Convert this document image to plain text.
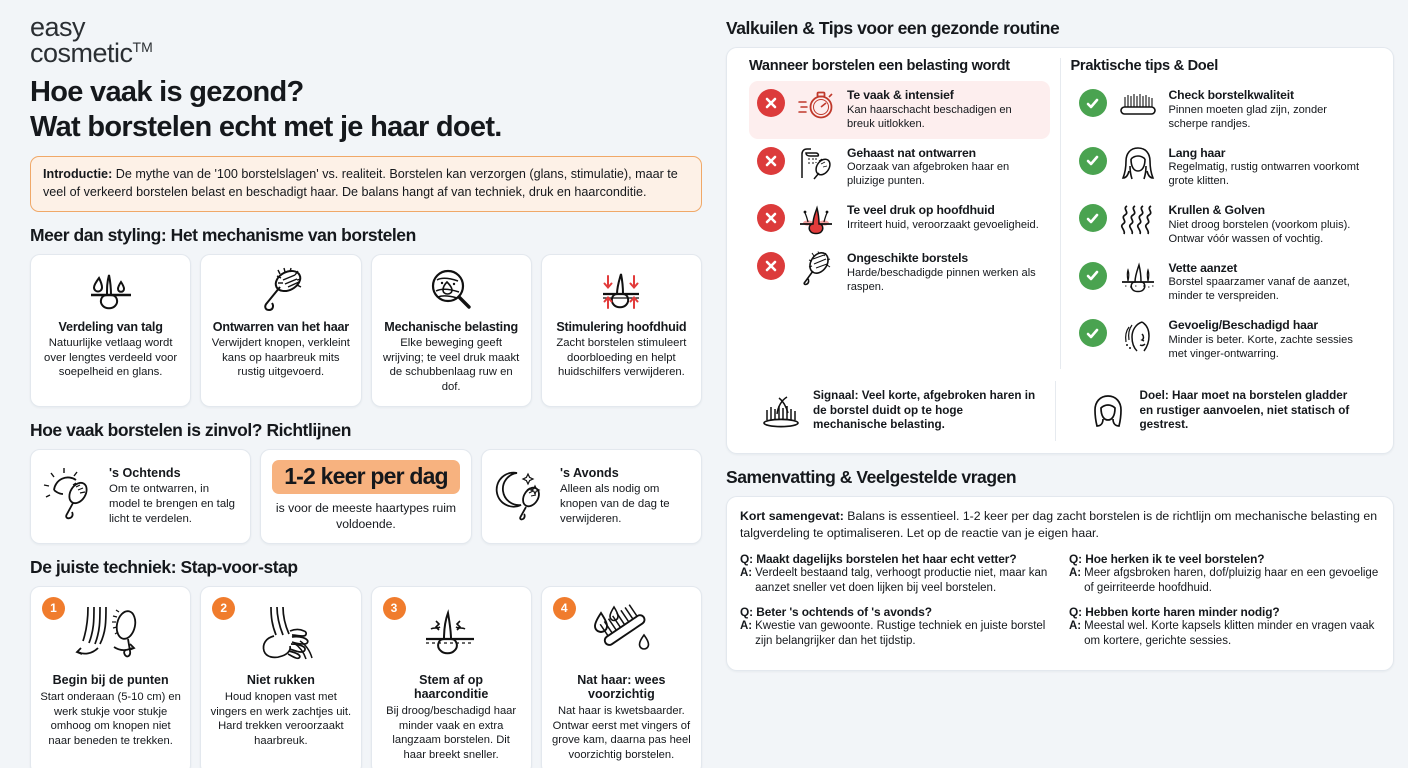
easy
cosmetic™
Hoe vaak is gezond?
Wat borstelen echt met je haar doet.
Introductie: De mythe van de '100 borstelslagen' vs. realiteit. Borstelen kan verzorgen (glans, stimulatie), maar te veel of verkeerd borstelen belast en beschadigt haar. De balans hangt af van techniek, druk en haarconditie.
Meer dan styling: Het mechanisme van borstelen
Verdeling van talg
Natuurlijke vetlaag wordt over lengtes verdeeld voor soepelheid en glans.
Ontwarren van het haar
Verwijdert knopen, verkleint kans op haarbreuk mits rustig uitgevoerd.
Mechanische belasting
Elke beweging geeft wrijving; te veel druk maakt de schubbenlaag ruw en dof.
Stimulering hoofdhuid
Zacht borstelen stimuleert doorbloeding en helpt huidschilfers verwijderen.
Hoe vaak borstelen is zinvol? Richtlijnen
's Ochtends
Om te ontwarren, in model te brengen en talg licht te verdelen.
1-2 keer per dag
is voor de meeste haartypes ruim voldoende.
's Avonds
Alleen als nodig om knopen van de dag te verwijderen.
De juiste techniek: Stap-voor-stap
1
Begin bij de punten
Start onderaan (5-10 cm) en werk stukje voor stukje omhoog om knopen niet naar beneden te trekken.
2
Niet rukken
Houd knopen vast met vingers en werk zachtjes uit. Hard trekken veroorzaakt haarbreuk.
3
Stem af op haarconditie
Bij droog/beschadigd haar minder vaak en extra langzaam borstelen. Dit haar breekt sneller.
4
Nat haar: wees voorzichtig
Nat haar is kwetsbaarder. Ontwar eerst met vingers of grove kam, daarna pas heel voorzichtig borstelen.
Valkuilen & Tips voor een gezonde routine
Wanneer borstelen een belasting wordt
Te vaak & intensief
Kan haarschacht beschadigen en breuk uitlokken.
Gehaast nat ontwarren
Oorzaak van afgebroken haar en pluizige punten.
Te veel druk op hoofdhuid
Irriteert huid, veroorzaakt gevoeligheid.
Ongeschikte borstels
Harde/beschadigde pinnen werken als raspen.
Praktische tips & Doel
Check borstelkwaliteit
Pinnen moeten glad zijn, zonder scherpe randjes.
Lang haar
Regelmatig, rustig ontwarren voorkomt grote klitten.
Krullen & Golven
Niet droog borstelen (voorkom pluis). Ontwar vóór wassen of vochtig.
Vette aanzet
Borstel spaarzamer vanaf de aanzet, minder te verspreiden.
Gevoelig/Beschadigd haar
Minder is beter. Korte, zachte sessies met vinger-ontwarring.
Signaal: Veel korte, afgebroken haren in de borstel duidt op te hoge mechanische belasting.
Doel: Haar moet na borstelen gladder en rustiger aanvoelen, niet statisch of gestrest.
Samenvatting & Veelgestelde vragen
Kort samengevat: Balans is essentieel. 1-2 keer per dag zacht borstelen is de richtlijn om mechanische belasting en talgverdeling te optimaliseren. Let op de reactie van je eigen haar.
Q: Maakt dagelijks borstelen het haar echt vetter?
A: Verdeelt bestaand talg, verhoogt productie niet, maar kan aanzet sneller vet doen lijken bij veel borstelen.
Q: Beter 's ochtends of 's avonds?
A: Kwestie van gewoonte. Rustige techniek en juiste borstel zijn belangrijker dan het tijdstip.
Q: Hoe herken ik te veel borstelen?
A: Meer afgsbroken haren, dof/pluizig haar en een gevoelige of geirriteerde hoofdhuid.
Q: Hebben korte haren minder nodig?
A: Meestal wel. Korte kapsels klitten minder en vragen vaak om kortere, gerichte sessies.
